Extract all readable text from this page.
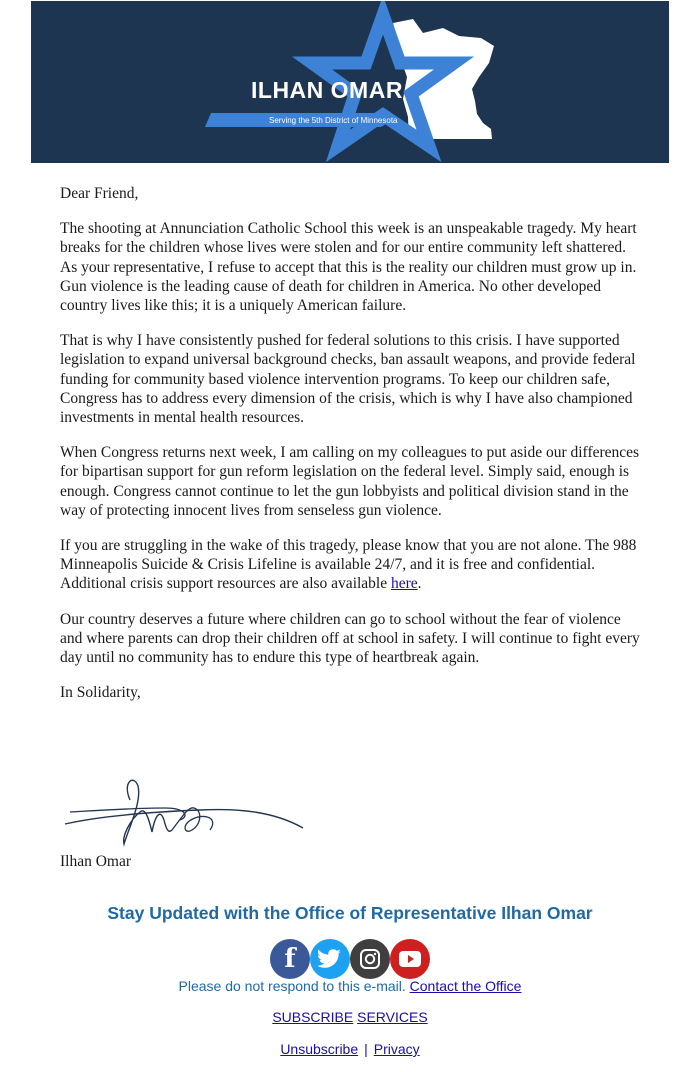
ILHAN OMAR
Serving the 5th District of Minnesota

Dear Friend,

The shooting at Annunciation Catholic School this week is an unspeakable tragedy. My heart breaks for the children whose lives were stolen and for our entire community left shattered. As your representative, I refuse to accept that this is the reality our children must grow up in. Gun violence is the leading cause of death for children in America. No other developed country lives like this; it is a uniquely American failure.

That is why I have consistently pushed for federal solutions to this crisis. I have supported legislation to expand universal background checks, ban assault weapons, and provide federal funding for community based violence intervention programs. To keep our children safe, Congress has to address every dimension of the crisis, which is why I have also championed investments in mental health resources.

When Congress returns next week, I am calling on my colleagues to put aside our differences for bipartisan support for gun reform legislation on the federal level. Simply said, enough is enough. Congress cannot continue to let the gun lobbyists and political division stand in the way of protecting innocent lives from senseless gun violence.

If you are struggling in the wake of this tragedy, please know that you are not alone. The 988 Minneapolis Suicide & Crisis Lifeline is available 24/7, and it is free and confidential. Additional crisis support resources are also available here.

Our country deserves a future where children can go to school without the fear of violence and where parents can drop their children off at school in safety. I will continue to fight every day until no community has to endure this type of heartbreak again.

In Solidarity,

Ilhan Omar
Stay Updated with the Office of Representative Ilhan Omar
f
Please do not respond to this e-mail. Contact the Office
SUBSCRIBE SERVICES
Unsubscribe | Privacy
